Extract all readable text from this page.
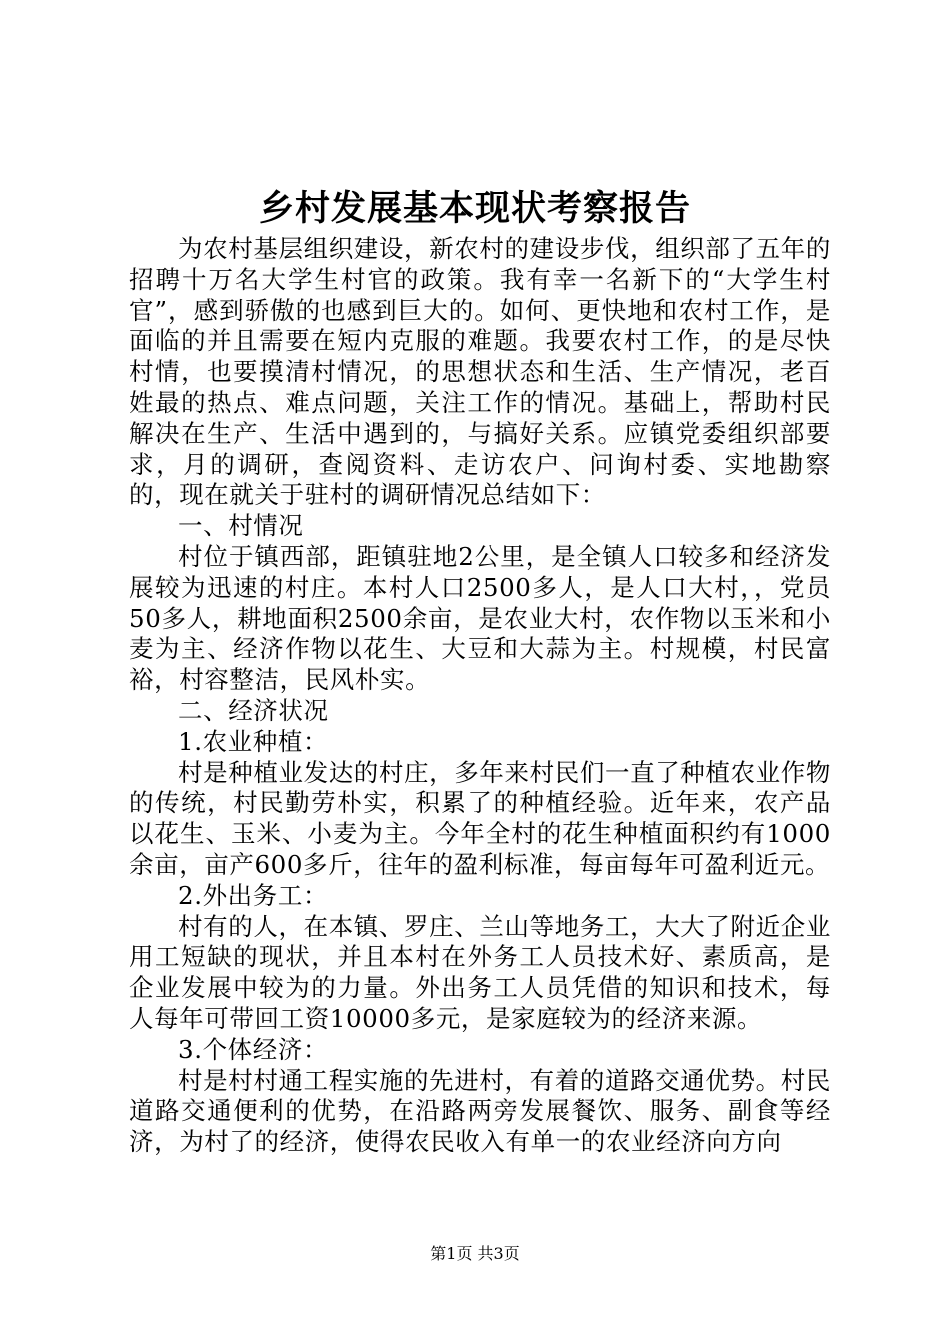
乡村发展基本现状考察报告

为农村基层组织建设，新农村的建设步伐，组织部了五年的招聘十万名大学生村官的政策。我有幸一名新下的“大学生村官”，感到骄傲的也感到巨大的。如何、更快地和农村工作，是面临的并且需要在短内克服的难题。我要农村工作，的是尽快村情，也要摸清村情况，的思想状态和生活、生产情况，老百姓最的热点、难点问题，关注工作的情况。基础上，帮助村民解决在生产、生活中遇到的，与搞好关系。应镇党委组织部要求，月的调研，查阅资料、走访农户、问询村委、实地勘察的，现在就关于驻村的调研情况总结如下：

一、村情况

村位于镇西部，距镇驻地2公里，是全镇人口较多和经济发展较为迅速的村庄。本村人口2500多人，是人口大村，，党员50多人，耕地面积2500余亩，是农业大村，农作物以玉米和小麦为主、经济作物以花生、大豆和大蒜为主。村规模，村民富裕，村容整洁，民风朴实。

二、经济状况

1.农业种植：

村是种植业发达的村庄，多年来村民们一直了种植农业作物的传统，村民勤劳朴实，积累了的种植经验。近年来，农产品以花生、玉米、小麦为主。今年全村的花生种植面积约有1000余亩，亩产600多斤，往年的盈利标准，每亩每年可盈利近元。

2.外出务工：

村有的人，在本镇、罗庄、兰山等地务工，大大了附近企业用工短缺的现状，并且本村在外务工人员技术好、素质高，是企业发展中较为的力量。外出务工人员凭借的知识和技术，每人每年可带回工资10000多元，是家庭较为的经济来源。

3.个体经济：

村是村村通工程实施的先进村，有着的道路交通优势。村民道路交通便利的优势，在沿路两旁发展餐饮、服务、副食等经济，为村了的经济，使得农民收入有单一的农业经济向方向

第1页 共3页
